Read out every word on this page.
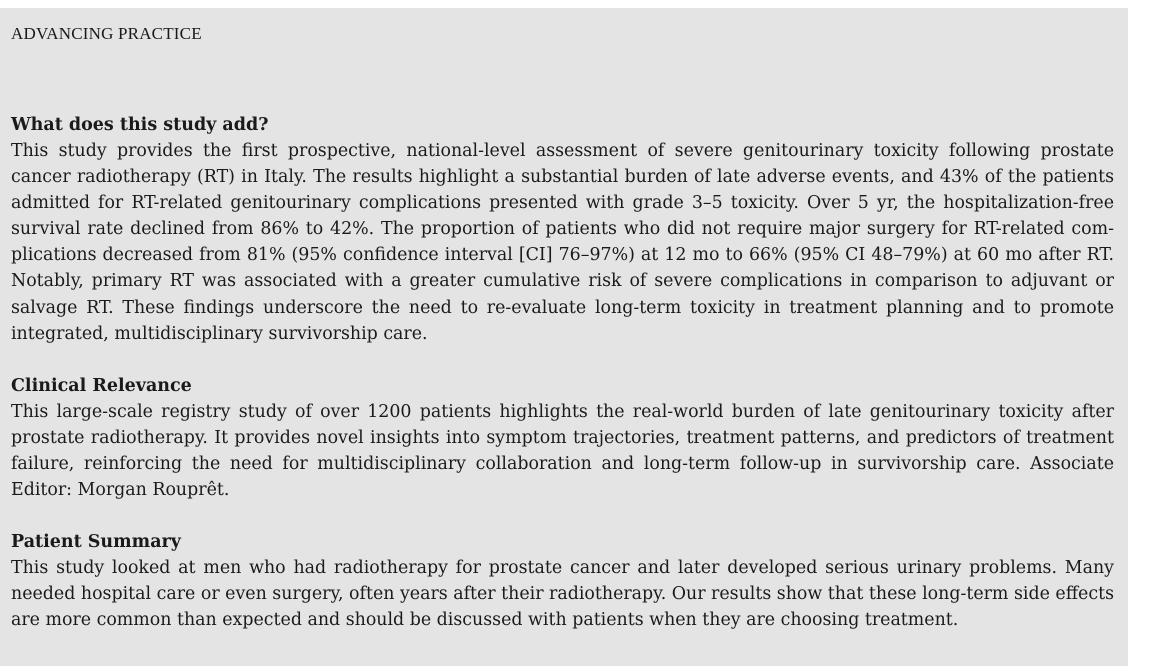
ADVANCING PRACTICE

What does this study add?

This study provides the first prospective, national-level assessment of severe genitourinary toxicity following prostate cancer radiotherapy (RT) in Italy. The results highlight a substantial burden of late adverse events, and 43% of the patients admitted for RT-related genitourinary complications presented with grade 3–5 toxicity. Over 5 yr, the hospitalization-free survival rate declined from 86% to 42%. The proportion of patients who did not require major surgery for RT-related complications decreased from 81% (95% confidence interval [CI] 76–97%) at 12 mo to 66% (95% CI 48–79%) at 60 mo after RT. Notably, primary RT was associated with a greater cumulative risk of severe complications in comparison to adjuvant or salvage RT. These findings underscore the need to re-evaluate long-term toxicity in treatment planning and to promote integrated, multidisciplinary survivorship care.

Clinical Relevance

This large-scale registry study of over 1200 patients highlights the real-world burden of late genitourinary toxicity after prostate radiotherapy. It provides novel insights into symptom trajectories, treatment patterns, and predictors of treatment failure, reinforcing the need for multidisciplinary collaboration and long-term follow-up in survivorship care. Associate Editor: Morgan Rouprêt.

Patient Summary

This study looked at men who had radiotherapy for prostate cancer and later developed serious urinary problems. Many needed hospital care or even surgery, often years after their radiotherapy. Our results show that these long-term side effects are more common than expected and should be discussed with patients when they are choosing treatment.
